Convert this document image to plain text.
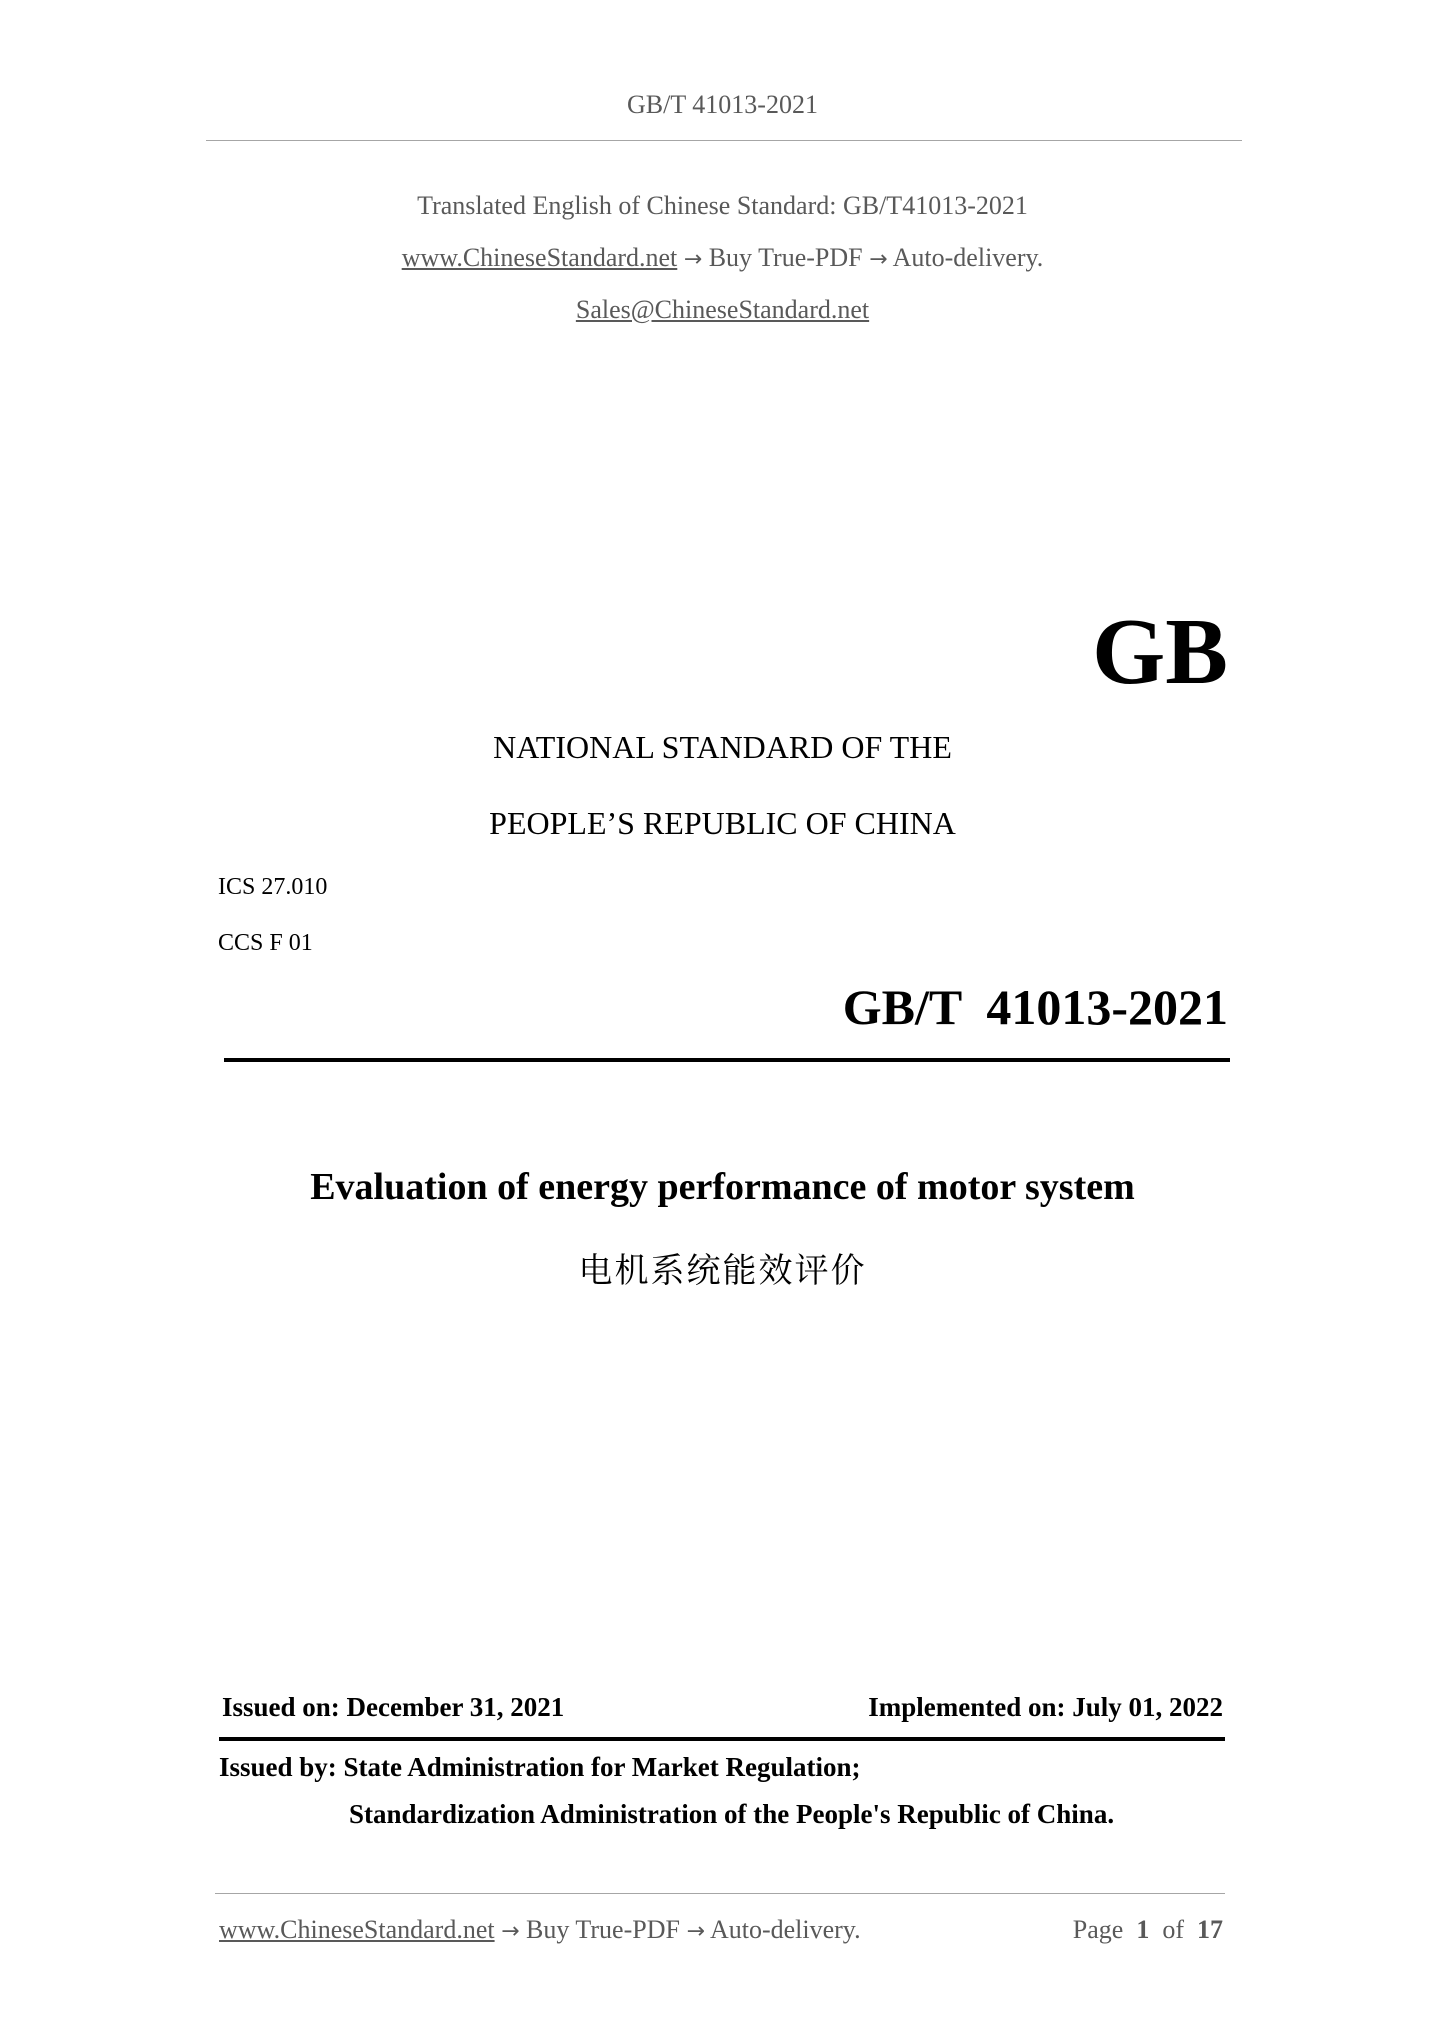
GB/T 41013-2021
Translated English of Chinese Standard: GB/T41013-2021
www.ChineseStandard.net → Buy True-PDF → Auto-delivery.
Sales@ChineseStandard.net
GB
NATIONAL STANDARD OF THE
PEOPLE’S REPUBLIC OF CHINA
ICS 27.010
CCS F 01
GB/T  41013-2021
Evaluation of energy performance of motor system
电机系统能效评价
Issued on: December 31, 2021	Implemented on: July 01, 2022
Issued by: State Administration for Market Regulation;
Standardization Administration of the People's Republic of China.
www.ChineseStandard.net → Buy True-PDF → Auto-delivery.	Page 1 of 17
